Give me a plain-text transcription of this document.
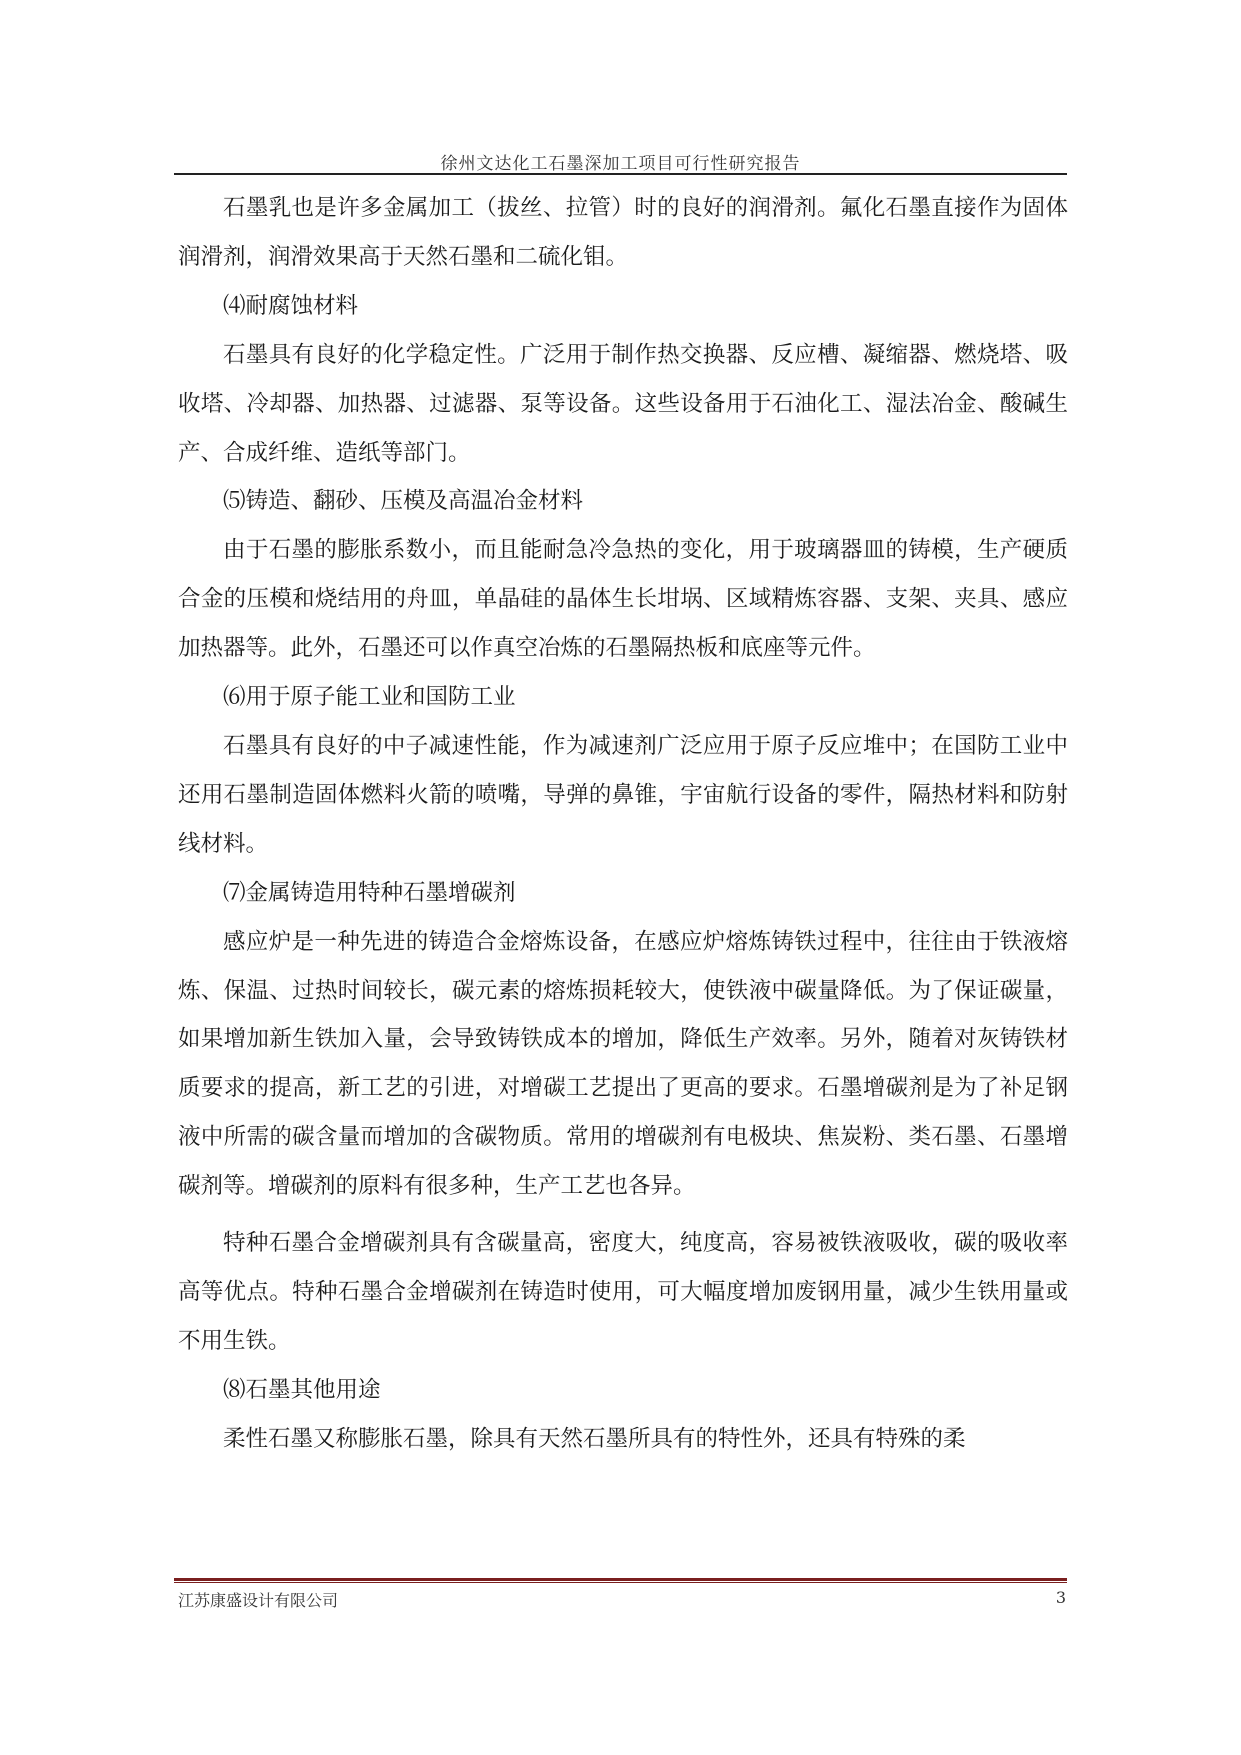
徐州文达化工石墨深加工项目可行性研究报告

石墨乳也是许多金属加工（拔丝、拉管）时的良好的润滑剂。氟化石墨直接作为固体润滑剂，润滑效果高于天然石墨和二硫化钼。

⑷耐腐蚀材料

石墨具有良好的化学稳定性。广泛用于制作热交换器、反应槽、凝缩器、燃烧塔、吸收塔、冷却器、加热器、过滤器、泵等设备。这些设备用于石油化工、湿法冶金、酸碱生产、合成纤维、造纸等部门。

⑸铸造、翻砂、压模及高温冶金材料

由于石墨的膨胀系数小，而且能耐急冷急热的变化，用于玻璃器皿的铸模，生产硬质合金的压模和烧结用的舟皿，单晶硅的晶体生长坩埚、区域精炼容器、支架、夹具、感应加热器等。此外，石墨还可以作真空冶炼的石墨隔热板和底座等元件。

⑹用于原子能工业和国防工业

石墨具有良好的中子减速性能，作为减速剂广泛应用于原子反应堆中；在国防工业中还用石墨制造固体燃料火箭的喷嘴，导弹的鼻锥，宇宙航行设备的零件，隔热材料和防射线材料。

⑺金属铸造用特种石墨增碳剂

感应炉是一种先进的铸造合金熔炼设备，在感应炉熔炼铸铁过程中，往往由于铁液熔炼、保温、过热时间较长，碳元素的熔炼损耗较大，使铁液中碳量降低。为了保证碳量，如果增加新生铁加入量，会导致铸铁成本的增加，降低生产效率。另外，随着对灰铸铁材质要求的提高，新工艺的引进，对增碳工艺提出了更高的要求。石墨增碳剂是为了补足钢液中所需的碳含量而增加的含碳物质。常用的增碳剂有电极块、焦炭粉、类石墨、石墨增碳剂等。增碳剂的原料有很多种，生产工艺也各异。

特种石墨合金增碳剂具有含碳量高，密度大，纯度高，容易被铁液吸收，碳的吸收率高等优点。特种石墨合金增碳剂在铸造时使用，可大幅度增加废钢用量，减少生铁用量或不用生铁。

⑻石墨其他用途

柔性石墨又称膨胀石墨，除具有天然石墨所具有的特性外，还具有特殊的柔

江苏康盛设计有限公司	3
